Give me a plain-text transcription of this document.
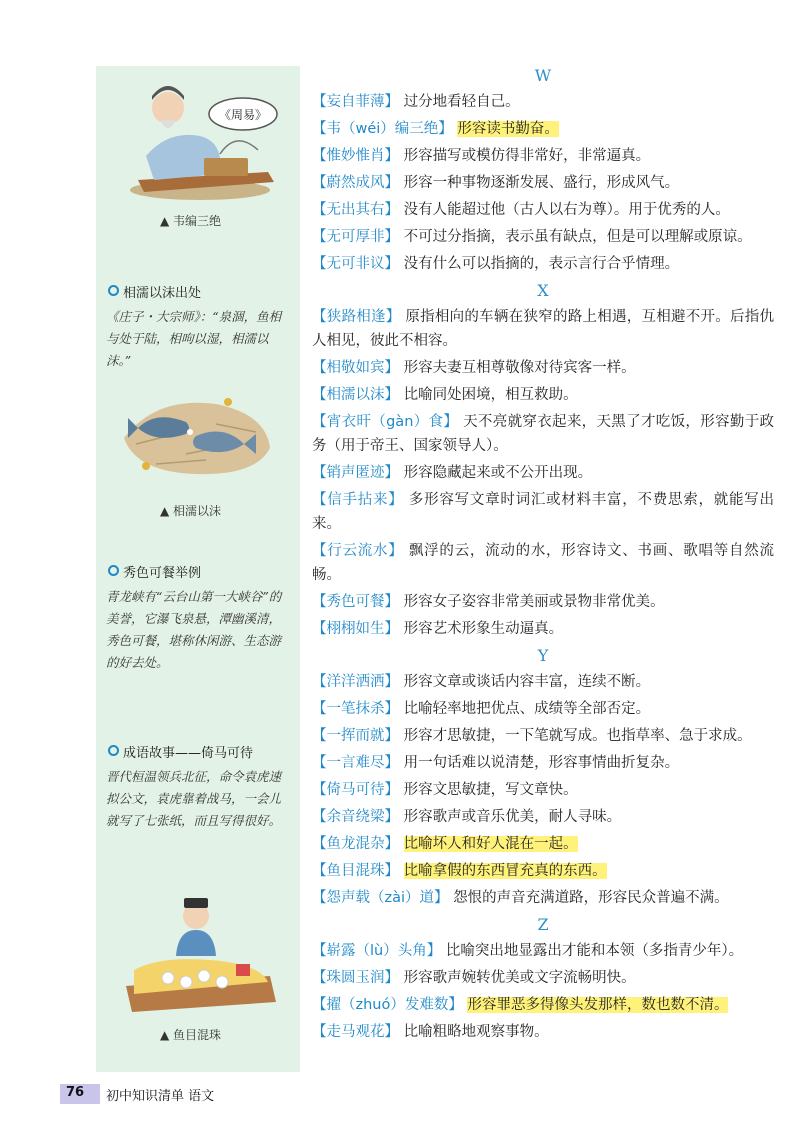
《周易》
▲ 韦编三绝
相濡以沫出处
《庄子・大宗师》：“泉涸，鱼相与处于陆，相呴以湿，相濡以沫。”
▲ 相濡以沫
秀色可餐举例
青龙峡有“云台山第一大峡谷”的美誉，它瀑飞泉悬，潭幽溪清，秀色可餐，堪称休闲游、生态游的好去处。
成语故事——倚马可待
晋代桓温领兵北征，命令袁虎速拟公文，袁虎靠着战马，一会儿就写了七张纸，而且写得很好。
▲ 鱼目混珠
W
【妄自菲薄】 过分地看轻自己。
【韦（wéi）编三绝】 形容读书勤奋。
【惟妙惟肖】 形容描写或模仿得非常好，非常逼真。
【蔚然成风】 形容一种事物逐渐发展、盛行，形成风气。
【无出其右】 没有人能超过他（古人以右为尊）。用于优秀的人。
【无可厚非】 不可过分指摘，表示虽有缺点，但是可以理解或原谅。
【无可非议】 没有什么可以指摘的，表示言行合乎情理。
X
【狭路相逢】 原指相向的车辆在狭窄的路上相遇，互相避不开。后指仇人相见，彼此不相容。
【相敬如宾】 形容夫妻互相尊敬像对待宾客一样。
【相濡以沫】 比喻同处困境，相互救助。
【宵衣旰（gàn）食】 天不亮就穿衣起来，天黑了才吃饭，形容勤于政务（用于帝王、国家领导人）。
【销声匿迹】 形容隐藏起来或不公开出现。
【信手拈来】 多形容写文章时词汇或材料丰富，不费思索，就能写出来。
【行云流水】 飘浮的云，流动的水，形容诗文、书画、歌唱等自然流畅。
【秀色可餐】 形容女子姿容非常美丽或景物非常优美。
【栩栩如生】 形容艺术形象生动逼真。
Y
【洋洋洒洒】 形容文章或谈话内容丰富，连续不断。
【一笔抹杀】 比喻轻率地把优点、成绩等全部否定。
【一挥而就】 形容才思敏捷，一下笔就写成。也指草率、急于求成。
【一言难尽】 用一句话难以说清楚，形容事情曲折复杂。
【倚马可待】 形容文思敏捷，写文章快。
【余音绕梁】 形容歌声或音乐优美，耐人寻味。
【鱼龙混杂】 比喻坏人和好人混在一起。
【鱼目混珠】 比喻拿假的东西冒充真的东西。
【怨声载（zài）道】 怨恨的声音充满道路，形容民众普遍不满。
Z
【崭露（lù）头角】 比喻突出地显露出才能和本领（多指青少年）。
【珠圆玉润】 形容歌声婉转优美或文字流畅明快。
【擢（zhuó）发难数】 形容罪恶多得像头发那样，数也数不清。
【走马观花】 比喻粗略地观察事物。
76 初中知识清单 语文
